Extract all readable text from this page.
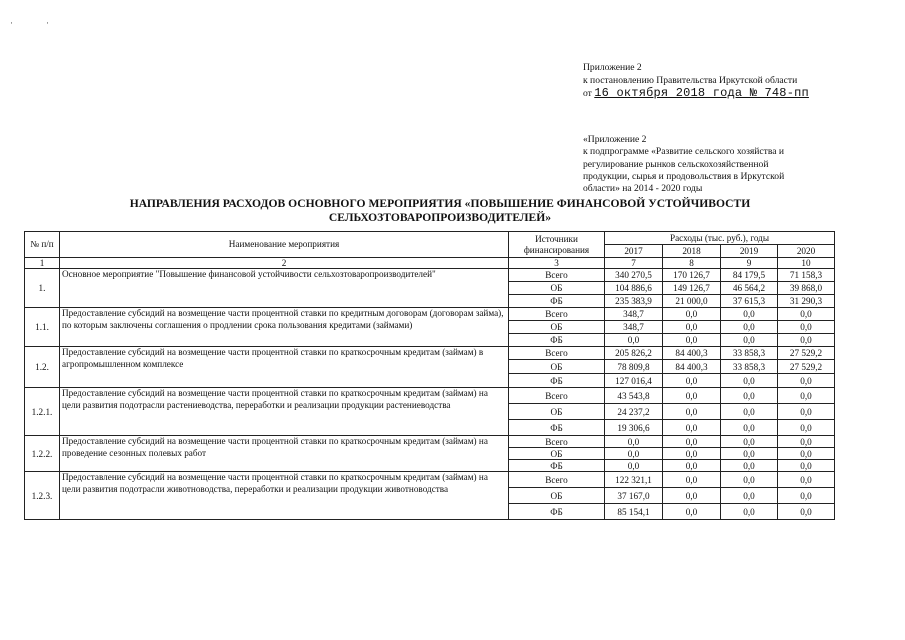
·	·
Приложение 2
к постановлению Правительства Иркутской области
от 16 октября 2018 года № 748-пп
«Приложение 2
к подпрограмме «Развитие сельского хозяйства и
регулирование рынков сельскохозяйственной
продукции, сырья и продовольствия в Иркутской
области» на 2014 - 2020 годы
НАПРАВЛЕНИЯ РАСХОДОВ ОСНОВНОГО МЕРОПРИЯТИЯ «ПОВЫШЕНИЕ ФИНАНСОВОЙ УСТОЙЧИВОСТИ
СЕЛЬХОЗТОВАРОПРОИЗВОДИТЕЛЕЙ»
№ п/п	Наименование мероприятия	Источники финансирования	Расходы (тыс. руб.), годы			
			2017	2018	2019	2020
1	2	3	7	8	9	10
1.	Основное мероприятие "Повышение финансовой устойчивости сельхозтоваропроизводителей"	Всего	340 270,5	170 126,7	84 179,5	71 158,3
		ОБ	104 886,6	149 126,7	46 564,2	39 868,0
		ФБ	235 383,9	21 000,0	37 615,3	31 290,3
1.1.	Предоставление субсидий на возмещение части процентной ставки по кредитным договорам (договорам займа), по которым заключены соглашения о продлении срока пользования кредитами (займами)	Всего	348,7	0,0	0,0	0,0
		ОБ	348,7	0,0	0,0	0,0
		ФБ	0,0	0,0	0,0	0,0
1.2.	Предоставление субсидий на возмещение части процентной ставки по краткосрочным кредитам (займам) в агропромышленном комплексе	Всего	205 826,2	84 400,3	33 858,3	27 529,2
		ОБ	78 809,8	84 400,3	33 858,3	27 529,2
		ФБ	127 016,4	0,0	0,0	0,0
1.2.1.	Предоставление субсидий на возмещение части процентной ставки по краткосрочным кредитам (займам) на цели развития подотрасли растениеводства, переработки и реализации продукции растениеводства	Всего	43 543,8	0,0	0,0	0,0
		ОБ	24 237,2	0,0	0,0	0,0
		ФБ	19 306,6	0,0	0,0	0,0
1.2.2.	Предоставление субсидий на возмещение части процентной ставки по краткосрочным кредитам (займам) на проведение сезонных полевых работ	Всего	0,0	0,0	0,0	0,0
		ОБ	0,0	0,0	0,0	0,0
		ФБ	0,0	0,0	0,0	0,0
1.2.3.	Предоставление субсидий на возмещение части процентной ставки по краткосрочным кредитам (займам) на цели развития подотрасли животноводства, переработки и реализации продукции животноводства	Всего	122 321,1	0,0	0,0	0,0
		ОБ	37 167,0	0,0	0,0	0,0
		ФБ	85 154,1	0,0	0,0	0,0
